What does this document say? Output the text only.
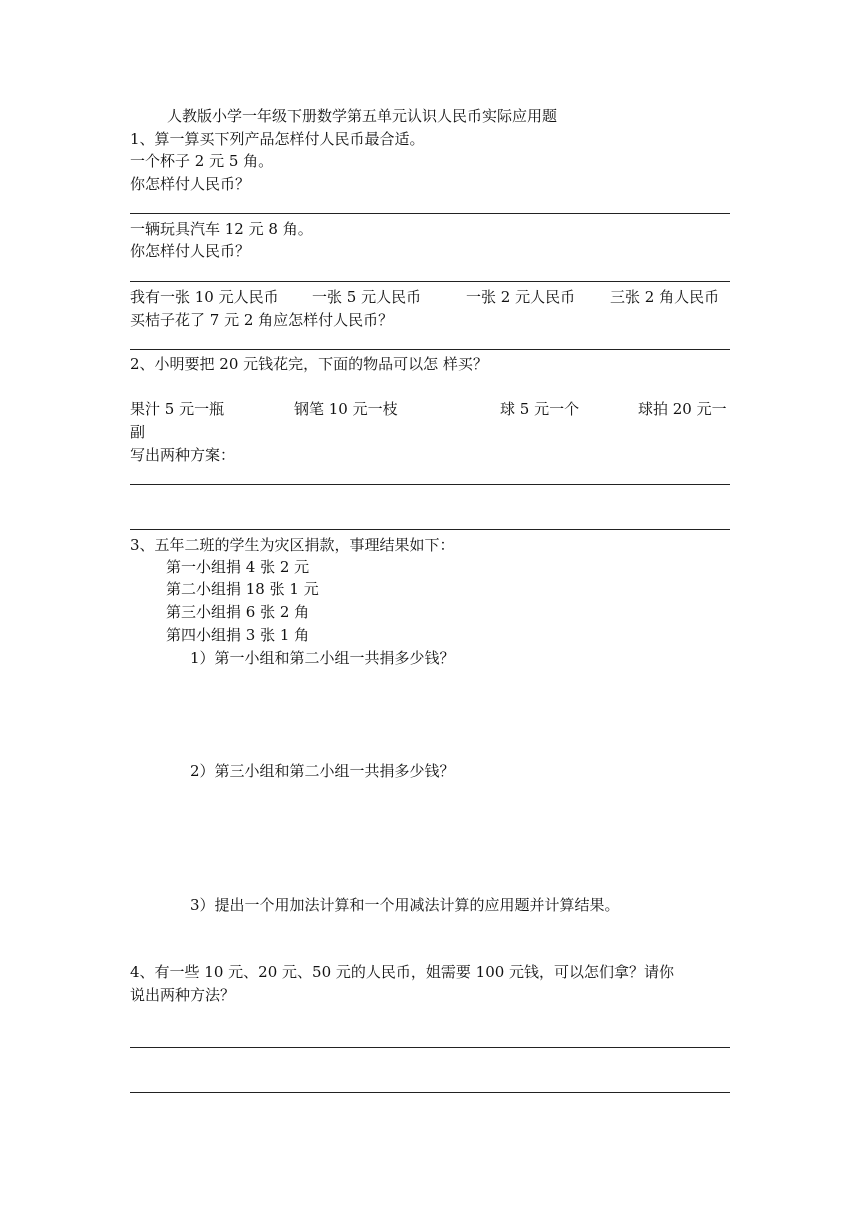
人教版小学一年级下册数学第五单元认识人民币实际应用题
1、算一算买下列产品怎样付人民币最合适。
一个杯子 2 元 5 角。
你怎样付人民币？
一辆玩具汽车 12 元 8 角。
你怎样付人民币？
我有一张 10 元人民币 一张 5 元人民币	一张 2 元人民币 三张 2 角人民币
买桔子花了 7 元 2 角应怎样付人民币？
2、小明要把 20 元钱花完，下面的物品可以怎 样买？
果汁 5 元一瓶	钢笔 10 元一枝	球 5 元一个	球拍 20 元一
副
写出两种方案：
3、五年二班的学生为灾区捐款，事理结果如下：
第一小组捐 4 张 2 元
第二小组捐 18 张 1 元
第三小组捐 6 张 2 角
第四小组捐 3 张 1 角
1）第一小组和第二小组一共捐多少钱？
2）第三小组和第二小组一共捐多少钱？
3）提出一个用加法计算和一个用减法计算的应用题并计算结果。
4、有一些 10 元、20 元、50 元的人民币，姐需要 100 元钱，可以怎们拿？请你
说出两种方法？
